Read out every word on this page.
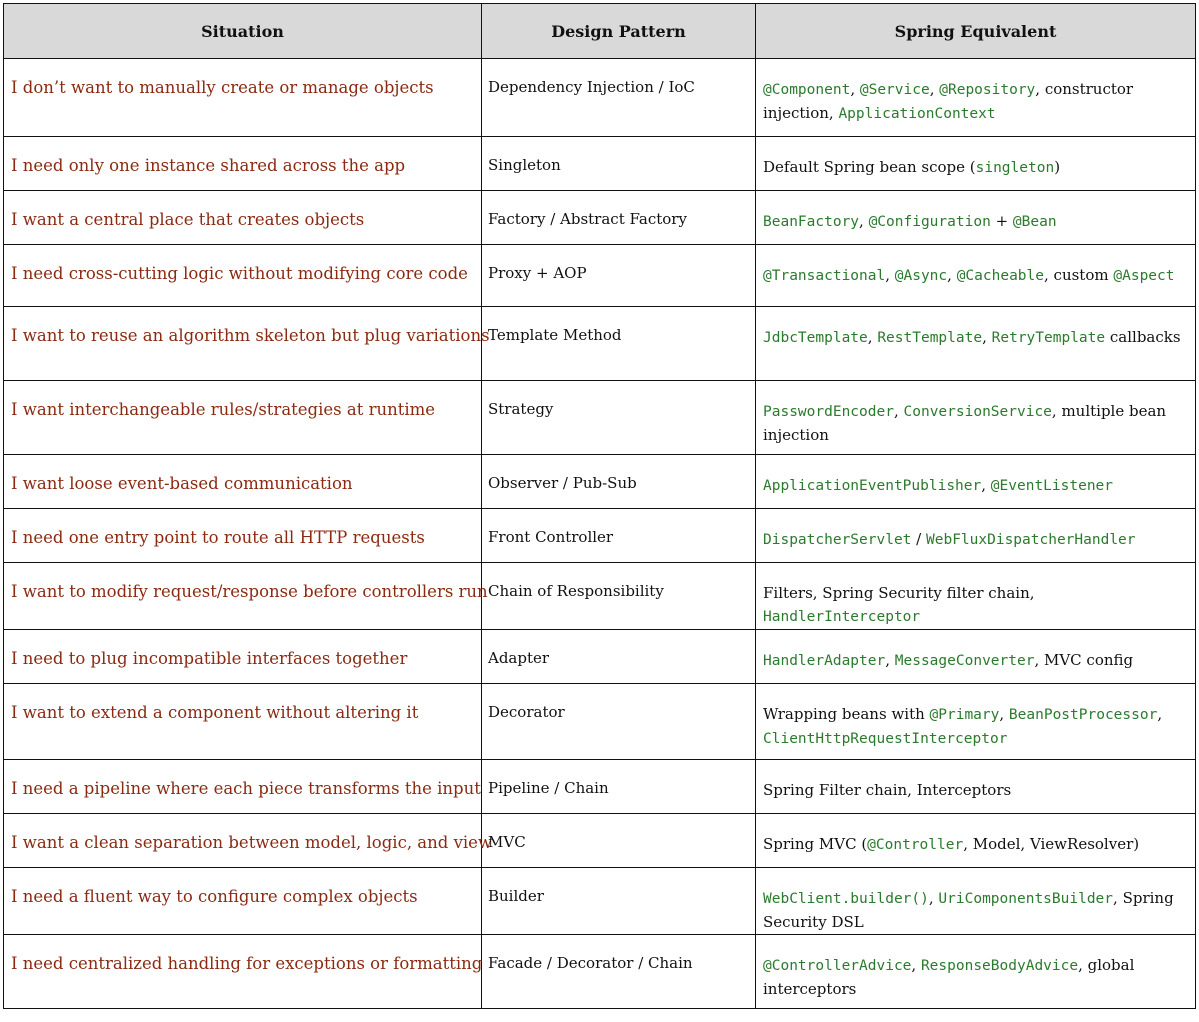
Situation	Design Pattern	Spring Equivalent
I don’t want to manually create or manage objects	Dependency Injection / IoC	@Component, @Service, @Repository, constructor injection, ApplicationContext
I need only one instance shared across the app	Singleton	Default Spring bean scope (singleton)
I want a central place that creates objects	Factory / Abstract Factory	BeanFactory, @Configuration + @Bean
I need cross-cutting logic without modifying core code	Proxy + AOP	@Transactional, @Async, @Cacheable, custom @Aspect
I want to reuse an algorithm skeleton but plug variations	Template Method	JdbcTemplate, RestTemplate, RetryTemplate callbacks
I want interchangeable rules/strategies at runtime	Strategy	PasswordEncoder, ConversionService, multiple bean injection
I want loose event-based communication	Observer / Pub-Sub	ApplicationEventPublisher, @EventListener
I need one entry point to route all HTTP requests	Front Controller	DispatcherServlet / WebFluxDispatcherHandler
I want to modify request/response before controllers run	Chain of Responsibility	Filters, Spring Security filter chain, HandlerInterceptor
I need to plug incompatible interfaces together	Adapter	HandlerAdapter, MessageConverter, MVC config
I want to extend a component without altering it	Decorator	Wrapping beans with @Primary, BeanPostProcessor, ClientHttpRequestInterceptor
I need a pipeline where each piece transforms the input	Pipeline / Chain	Spring Filter chain, Interceptors
I want a clean separation between model, logic, and view	MVC	Spring MVC (@Controller, Model, ViewResolver)
I need a fluent way to configure complex objects	Builder	WebClient.builder(), UriComponentsBuilder, Spring Security DSL
I need centralized handling for exceptions or formatting	Facade / Decorator / Chain	@ControllerAdvice, ResponseBodyAdvice, global interceptors
